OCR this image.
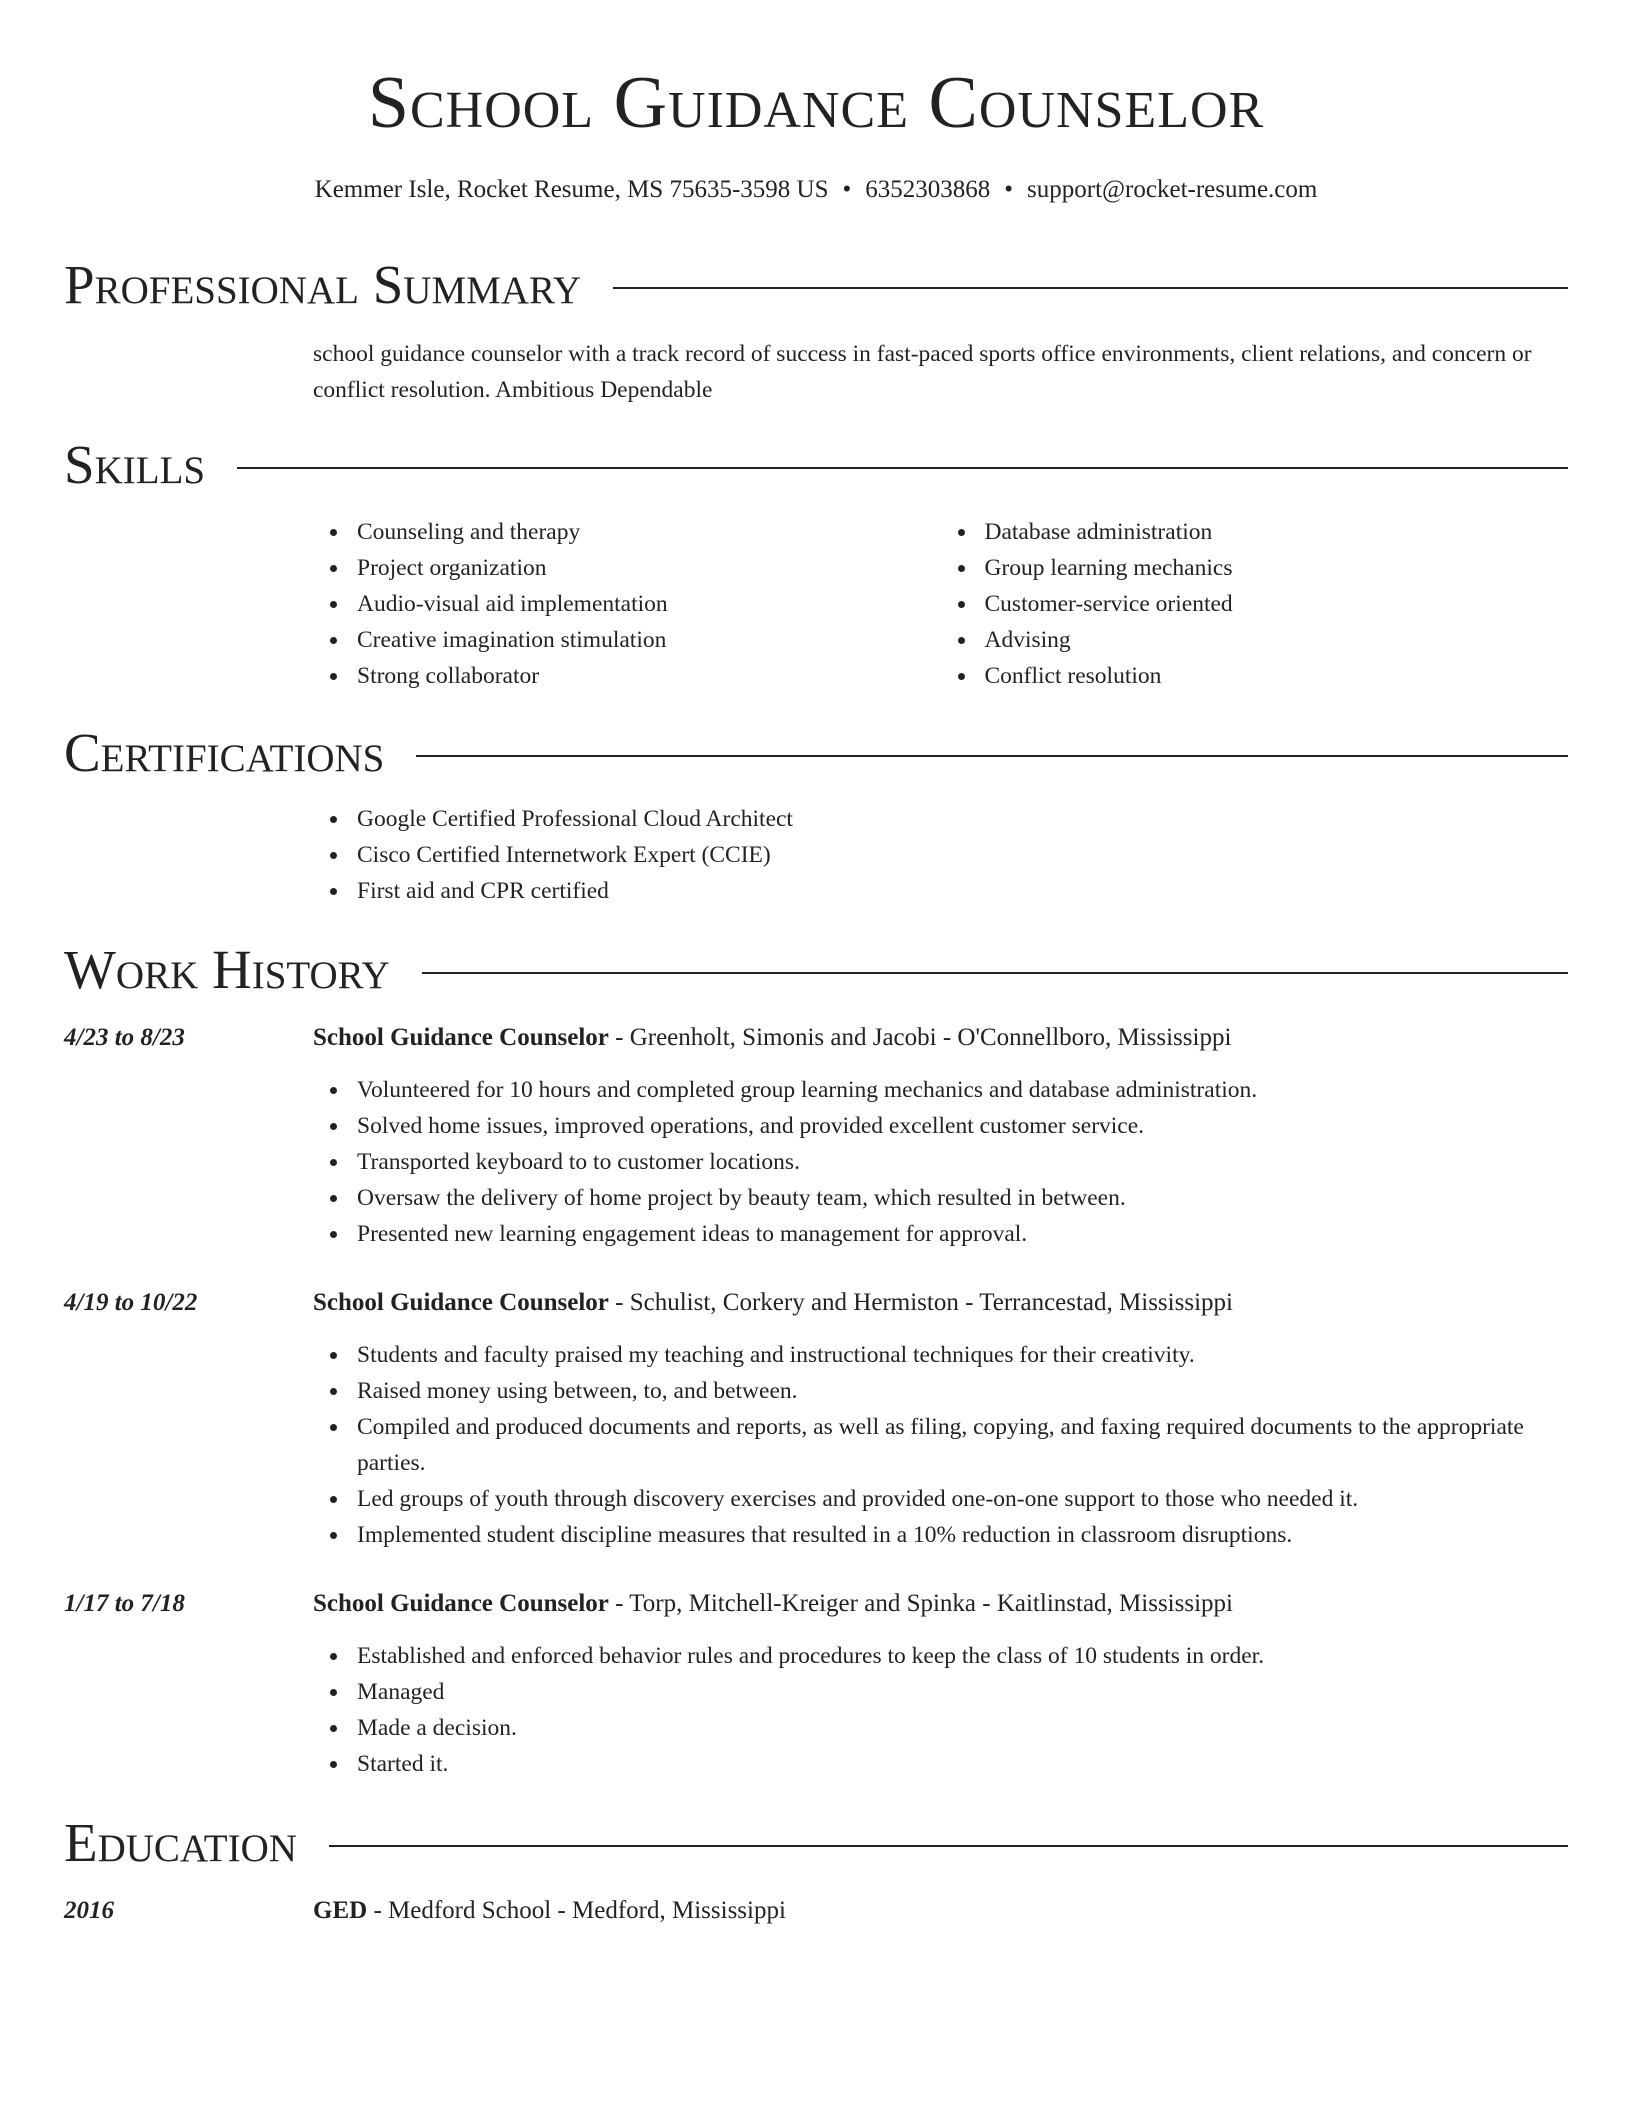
School Guidance Counselor
Kemmer Isle, Rocket Resume, MS 75635-3598 US • 6352303868 • support@rocket-resume.com
Professional Summary

school guidance counselor with a track record of success in fast-paced sports office environments, client relations, and concern or conflict resolution. Ambitious Dependable

Skills
Counseling and therapy
Project organization
Audio-visual aid implementation
Creative imagination stimulation
Strong collaborator
Database administration
Group learning mechanics
Customer-service oriented
Advising
Conflict resolution
Certifications
Google Certified Professional Cloud Architect
Cisco Certified Internetwork Expert (CCIE)
First aid and CPR certified
Work History
4/23 to 8/23	School Guidance Counselor - Greenholt, Simonis and Jacobi - O'Connellboro, Mississippi
Volunteered for 10 hours and completed group learning mechanics and database administration.
Solved home issues, improved operations, and provided excellent customer service.
Transported keyboard to to customer locations.
Oversaw the delivery of home project by beauty team, which resulted in between.
Presented new learning engagement ideas to management for approval.
4/19 to 10/22	School Guidance Counselor - Schulist, Corkery and Hermiston - Terrancestad, Mississippi
Students and faculty praised my teaching and instructional techniques for their creativity.
Raised money using between, to, and between.
Compiled and produced documents and reports, as well as filing, copying, and faxing required documents to the appropriate parties.
Led groups of youth through discovery exercises and provided one-on-one support to those who needed it.
Implemented student discipline measures that resulted in a 10% reduction in classroom disruptions.
1/17 to 7/18	School Guidance Counselor - Torp, Mitchell-Kreiger and Spinka - Kaitlinstad, Mississippi
Established and enforced behavior rules and procedures to keep the class of 10 students in order.
Managed
Made a decision.
Started it.
Education
2016	GED - Medford School - Medford, Mississippi
